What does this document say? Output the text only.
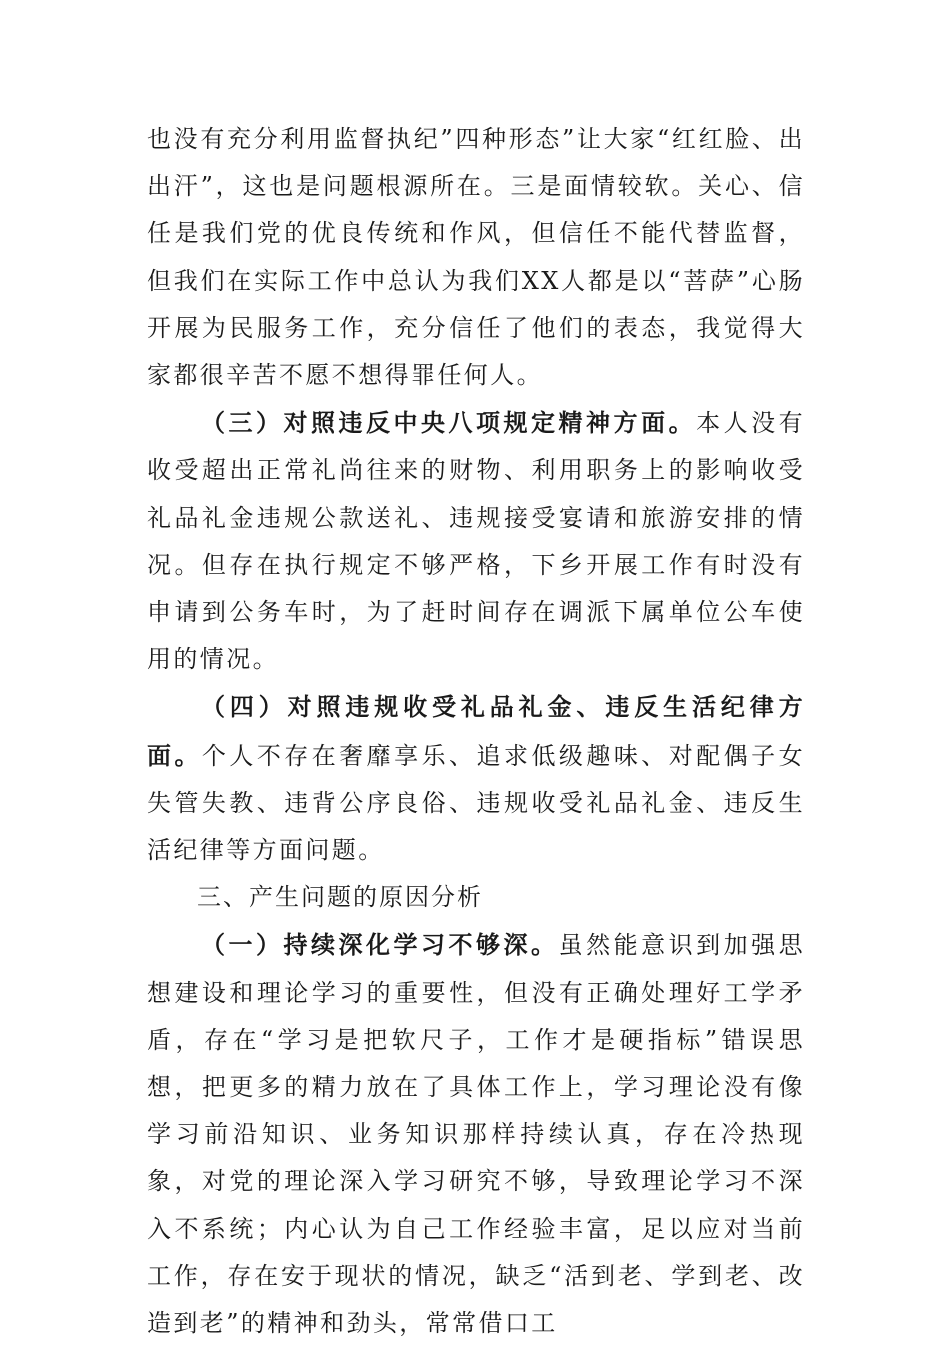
也没有充分利用监督执纪”四种形态”让大家“红红脸、出出汗”，这也是问题根源所在。三是面情较软。关心、信任是我们党的优良传统和作风，但信任不能代替监督，但我们在实际工作中总认为我们XX人都是以“菩萨”心肠开展为民服务工作，充分信任了他们的表态，我觉得大家都很辛苦不愿不想得罪任何人。

（三）对照违反中央八项规定精神方面。本人没有收受超出正常礼尚往来的财物、利用职务上的影响收受礼品礼金违规公款送礼、违规接受宴请和旅游安排的情况。但存在执行规定不够严格，下乡开展工作有时没有申请到公务车时，为了赶时间存在调派下属单位公车使用的情况。

（四）对照违规收受礼品礼金、违反生活纪律方面。个人不存在奢靡享乐、追求低级趣味、对配偶子女失管失教、违背公序良俗、违规收受礼品礼金、违反生活纪律等方面问题。

三、产生问题的原因分析

（一）持续深化学习不够深。虽然能意识到加强思想建设和理论学习的重要性，但没有正确处理好工学矛盾，存在“学习是把软尺子，工作才是硬指标”错误思想，把更多的精力放在了具体工作上，学习理论没有像学习前沿知识、业务知识那样持续认真，存在冷热现象，对党的理论深入学习研究不够，导致理论学习不深入不系统；内心认为自己工作经验丰富，足以应对当前工作，存在安于现状的情况，缺乏“活到老、学到老、改造到老”的精神和劲头，常常借口工
